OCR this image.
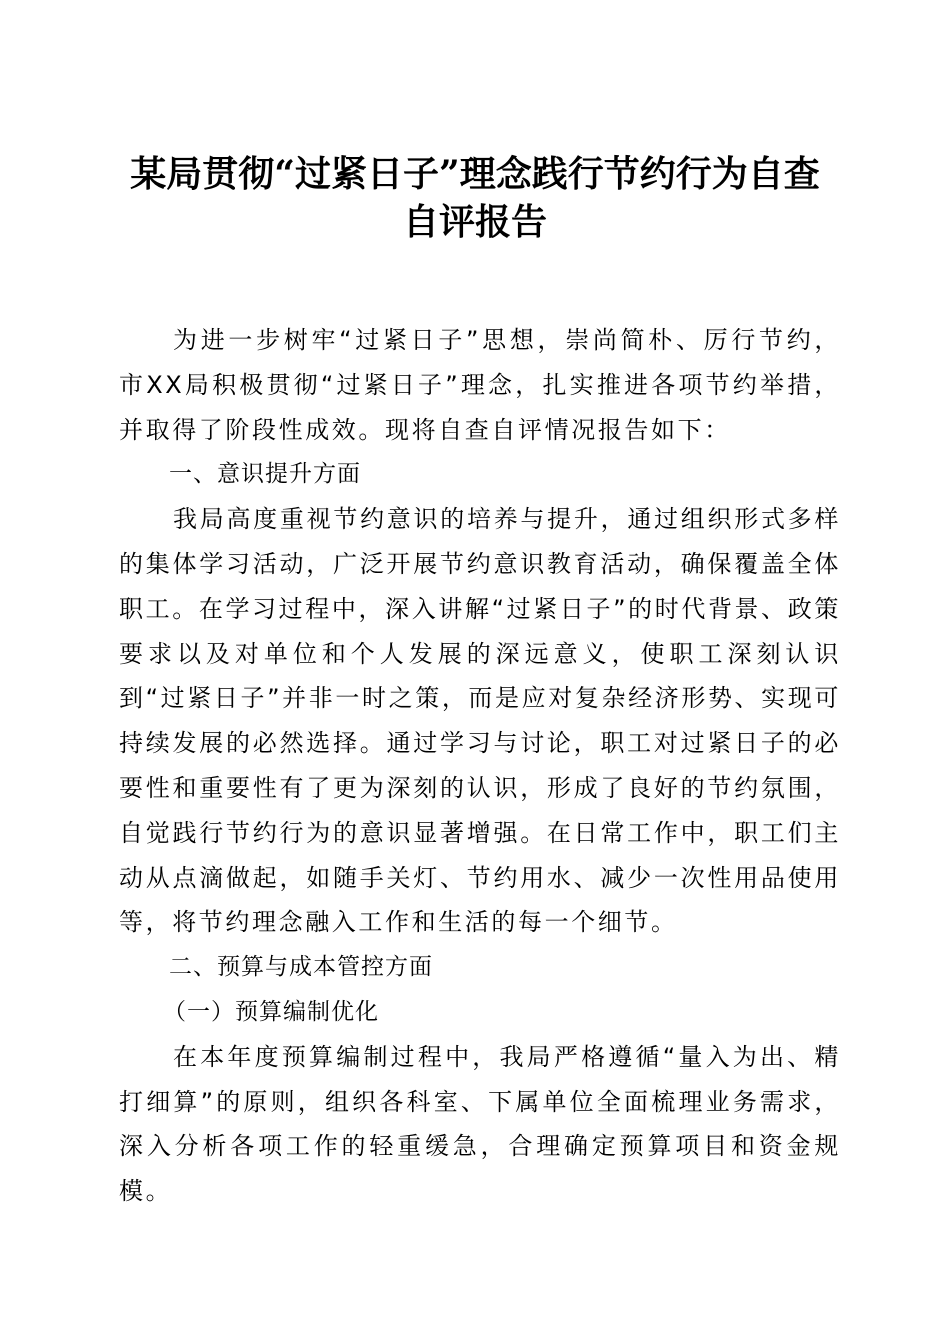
某局贯彻“过紧日子”理念践行节约行为自查
自评报告

为进一步树牢“过紧日子”思想，崇尚简朴、厉行节约，市XX局积极贯彻“过紧日子”理念，扎实推进各项节约举措，并取得了阶段性成效。现将自查自评情况报告如下：

一、意识提升方面

我局高度重视节约意识的培养与提升，通过组织形式多样的集体学习活动，广泛开展节约意识教育活动，确保覆盖全体职工。在学习过程中，深入讲解“过紧日子”的时代背景、政策要求以及对单位和个人发展的深远意义，使职工深刻认识到“过紧日子”并非一时之策，而是应对复杂经济形势、实现可持续发展的必然选择。通过学习与讨论，职工对过紧日子的必要性和重要性有了更为深刻的认识，形成了良好的节约氛围，自觉践行节约行为的意识显著增强。在日常工作中，职工们主动从点滴做起，如随手关灯、节约用水、减少一次性用品使用等，将节约理念融入工作和生活的每一个细节。

二、预算与成本管控方面

（一）预算编制优化

在本年度预算编制过程中，我局严格遵循“量入为出、精打细算”的原则，组织各科室、下属单位全面梳理业务需求，深入分析各项工作的轻重缓急，合理确定预算项目和资金规模。
